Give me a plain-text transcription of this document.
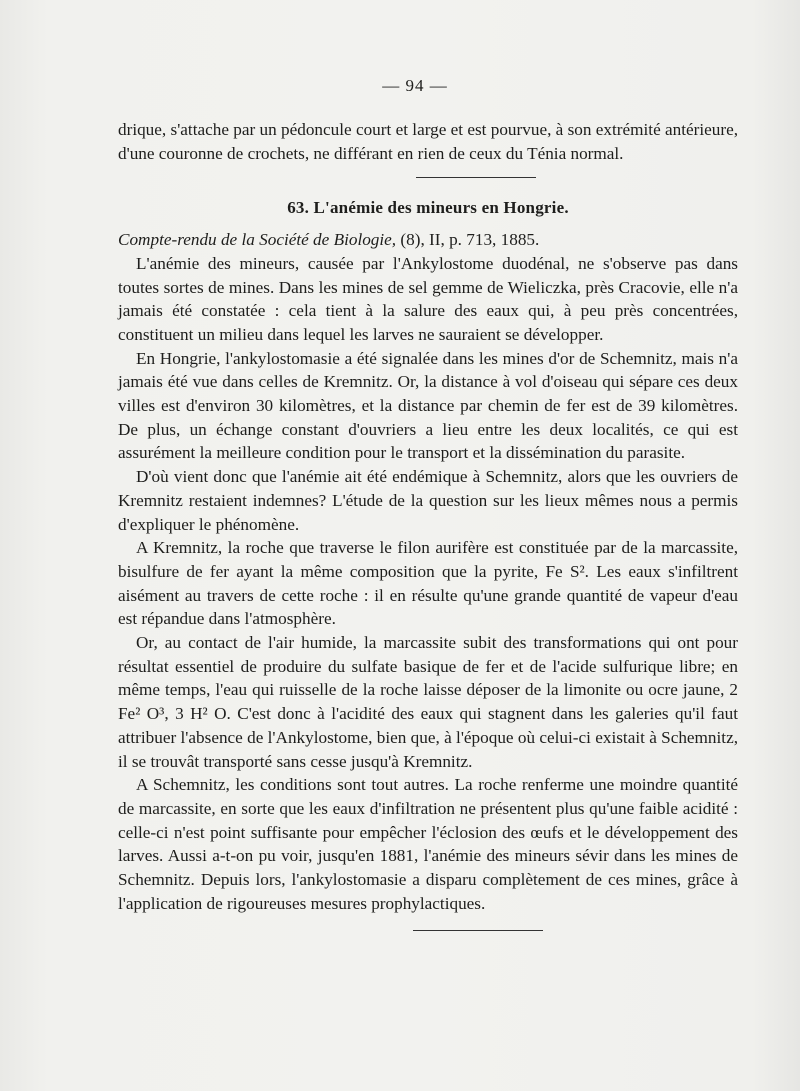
— 94 —

drique, s'attache par un pédoncule court et large et est pourvue, à son extrémité antérieure, d'une couronne de crochets, ne différant en rien de ceux du Ténia normal.

63. L'anémie des mineurs en Hongrie.

Compte-rendu de la Société de Biologie, (8), II, p. 713, 1885.

L'anémie des mineurs, causée par l'Ankylostome duodénal, ne s'observe pas dans toutes sortes de mines. Dans les mines de sel gemme de Wieliczka, près Cracovie, elle n'a jamais été constatée : cela tient à la salure des eaux qui, à peu près concentrées, constituent un milieu dans lequel les larves ne sauraient se développer.

En Hongrie, l'ankylostomasie a été signalée dans les mines d'or de Schemnitz, mais n'a jamais été vue dans celles de Kremnitz. Or, la distance à vol d'oiseau qui sépare ces deux villes est d'environ 30 kilomètres, et la distance par chemin de fer est de 39 kilomètres. De plus, un échange constant d'ouvriers a lieu entre les deux localités, ce qui est assurément la meilleure condition pour le transport et la dissémination du parasite.

D'où vient donc que l'anémie ait été endémique à Schemnitz, alors que les ouvriers de Kremnitz restaient indemnes? L'étude de la question sur les lieux mêmes nous a permis d'expliquer le phénomène.

A Kremnitz, la roche que traverse le filon aurifère est constituée par de la marcassite, bisulfure de fer ayant la même composition que la pyrite, Fe S². Les eaux s'infiltrent aisément au travers de cette roche : il en résulte qu'une grande quantité de vapeur d'eau est répandue dans l'atmosphère.

Or, au contact de l'air humide, la marcassite subit des transformations qui ont pour résultat essentiel de produire du sulfate basique de fer et de l'acide sulfurique libre; en même temps, l'eau qui ruisselle de la roche laisse déposer de la limonite ou ocre jaune, 2 Fe² O³, 3 H² O. C'est donc à l'acidité des eaux qui stagnent dans les galeries qu'il faut attribuer l'absence de l'Ankylostome, bien que, à l'époque où celui-ci existait à Schemnitz, il se trouvât transporté sans cesse jusqu'à Kremnitz.

A Schemnitz, les conditions sont tout autres. La roche renferme une moindre quantité de marcassite, en sorte que les eaux d'infiltration ne présentent plus qu'une faible acidité : celle-ci n'est point suffisante pour empêcher l'éclosion des œufs et le développement des larves. Aussi a-t-on pu voir, jusqu'en 1881, l'anémie des mineurs sévir dans les mines de Schemnitz. Depuis lors, l'ankylostomasie a disparu complètement de ces mines, grâce à l'application de rigoureuses mesures prophylactiques.
